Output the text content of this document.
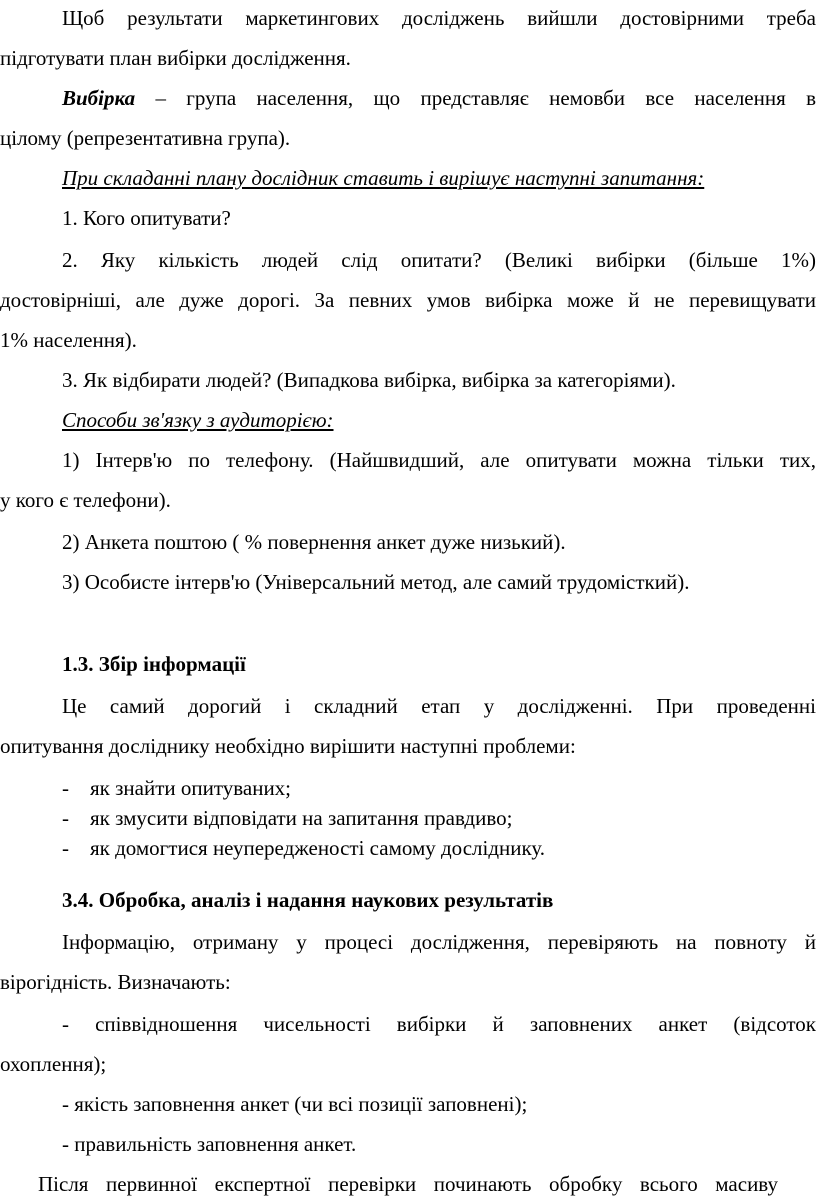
Щоб результати маркетингових досліджень вийшли достовірними треба
підготувати план вибірки дослідження.
Вибірка – група населення, що представляє немовби все населення в
цілому (репрезентативна група).
При складанні плану дослідник ставить і вирішує наступні запитання:
1. Кого опитувати?
2. Яку кількість людей слід опитати? (Великі вибірки (більше 1%)
достовірніші, але дуже дорогі. За певних умов вибірка може й не перевищувати
1% населення).
3. Як відбирати людей? (Випадкова вибірка, вибірка за категоріями).
Способи зв'язку з аудиторією:
1) Інтерв'ю по телефону. (Найшвидший, але опитувати можна тільки тих,
у кого є телефони).
2) Анкета поштою ( % повернення анкет дуже низький).
3) Особисте інтерв'ю (Універсальний метод, але самий трудомісткий).
1.3. Збір інформації
Це самий дорогий і складний етап у дослідженні. При проведенні
опитування досліднику необхідно вирішити наступні проблеми:
- як знайти опитуваних;
- як змусити відповідати на запитання правдиво;
- як домогтися неупередженості самому досліднику.
3.4. Обробка, аналіз і надання наукових результатів
Інформацію, отриману у процесі дослідження, перевіряють на повноту й
вірогідність. Визначають:
- співвідношення чисельності вибірки й заповнених анкет (відсоток
охоплення);
- якість заповнення анкет (чи всі позиції заповнені);
- правильність заповнення анкет.
Після первинної експертної перевірки починають обробку всього масиву
